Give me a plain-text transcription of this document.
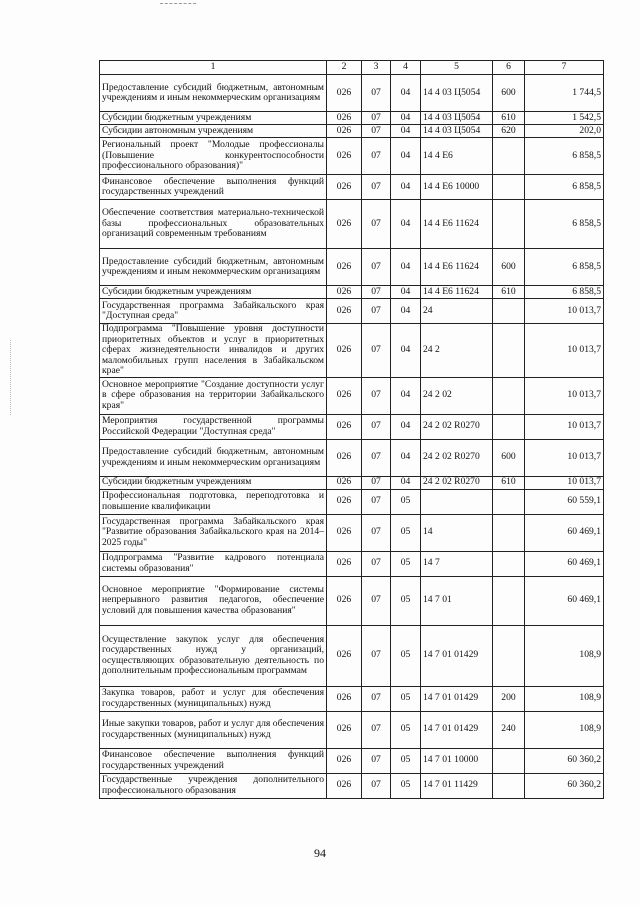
1	2	3	4	5	6	7
Предоставление субсидий бюджетным, автономным учреждениям и иным некоммерческим организациям	026	07	04	14 4 03 Ц5054	600	1 744,5
Субсидии бюджетным учреждениям	026	07	04	14 4 03 Ц5054	610	1 542,5
Субсидии автономным учреждениям	026	07	04	14 4 03 Ц5054	620	202,0
Региональный проект "Молодые профессионалы (Повышение конкурентоспособности профессионального образования)"	026	07	04	14 4 Е6		6 858,5
Финансовое обеспечение выполнения функций государственных учреждений	026	07	04	14 4 Е6 10000		6 858,5
Обеспечение соответствия материально-технической базы профессиональных образовательных организаций современным требованиям	026	07	04	14 4 Е6 11624		6 858,5
Предоставление субсидий бюджетным, автономным учреждениям и иным некоммерческим организациям	026	07	04	14 4 Е6 11624	600	6 858,5
Субсидии бюджетным учреждениям	026	07	04	14 4 Е6 11624	610	6 858,5
Государственная программа Забайкальского края "Доступная среда"	026	07	04	24		10 013,7
Подпрограмма "Повышение уровня доступности приоритетных объектов и услуг в приоритетных сферах жизнедеятельности инвалидов и других маломобильных групп населения в Забайкальском крае"	026	07	04	24 2		10 013,7
Основное мероприятие "Создание доступности услуг в сфере образования на территории Забайкальского края"	026	07	04	24 2 02		10 013,7
Мероприятия государственной программы Российской Федерации "Доступная среда"	026	07	04	24 2 02 R0270		10 013,7
Предоставление субсидий бюджетным, автономным учреждениям и иным некоммерческим организациям	026	07	04	24 2 02 R0270	600	10 013,7
Субсидии бюджетным учреждениям	026	07	04	24 2 02 R0270	610	10 013,7
Профессиональная подготовка, переподготовка и повышение квалификации	026	07	05			60 559,1
Государственная программа Забайкальского края "Развитие образования Забайкальского края на 2014–2025 годы"	026	07	05	14		60 469,1
Подпрограмма "Развитие кадрового потенциала системы образования"	026	07	05	14 7		60 469,1
Основное мероприятие "Формирование системы непрерывного развития педагогов, обеспечение условий для повышения качества образования"	026	07	05	14 7 01		60 469,1
Осуществление закупок услуг для обеспечения государственных нужд у организаций, осуществляющих образовательную деятельность по дополнительным профессиональным программам	026	07	05	14 7 01 01429		108,9
Закупка товаров, работ и услуг для обеспечения государственных (муниципальных) нужд	026	07	05	14 7 01 01429	200	108,9
Иные закупки товаров, работ и услуг для обеспечения государственных (муниципальных) нужд	026	07	05	14 7 01 01429	240	108,9
Финансовое обеспечение выполнения функций государственных учреждений	026	07	05	14 7 01 10000		60 360,2
Государственные учреждения дополнительного профессионального образования	026	07	05	14 7 01 11429		60 360,2
94
